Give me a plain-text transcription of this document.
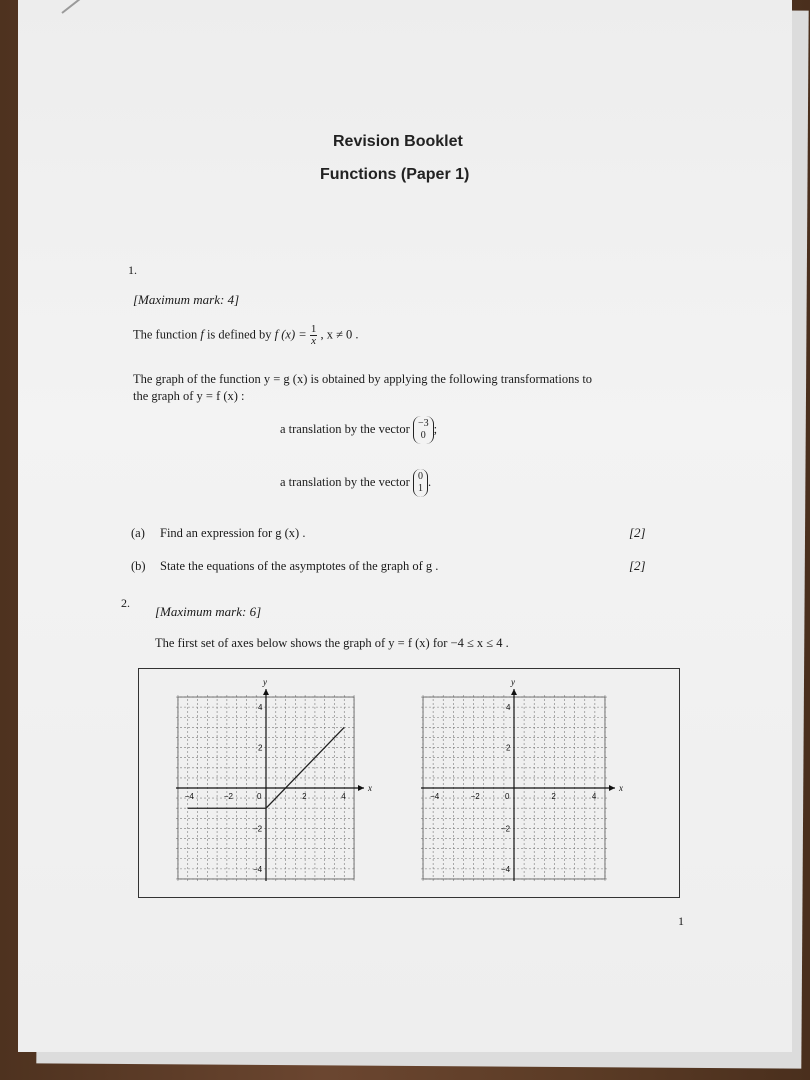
Revision Booklet
Functions (Paper 1)
1.
[Maximum mark: 4]
The function f is defined by f $(x) = \frac{1}{x}$ , x ≠ 0 .
The graph of the function y = g (x) is obtained by applying the following transformations to
the graph of y = f (x) :
a translation by the vector −3
0 ;
a translation by the vector 0
1 .
(a) Find an expression for g (x) .	[2]
(b) State the equations of the asymptotes of the graph of g .	[2]
2.
[Maximum mark: 6]
The first set of axes below shows the graph of y = f (x) for −4 ≤ x ≤ 4 .
x
y
−4	−2	0	2	4
4
2
−2
−4
x
y
−4	−2	0	2	4
4
2
−2
−4
1
